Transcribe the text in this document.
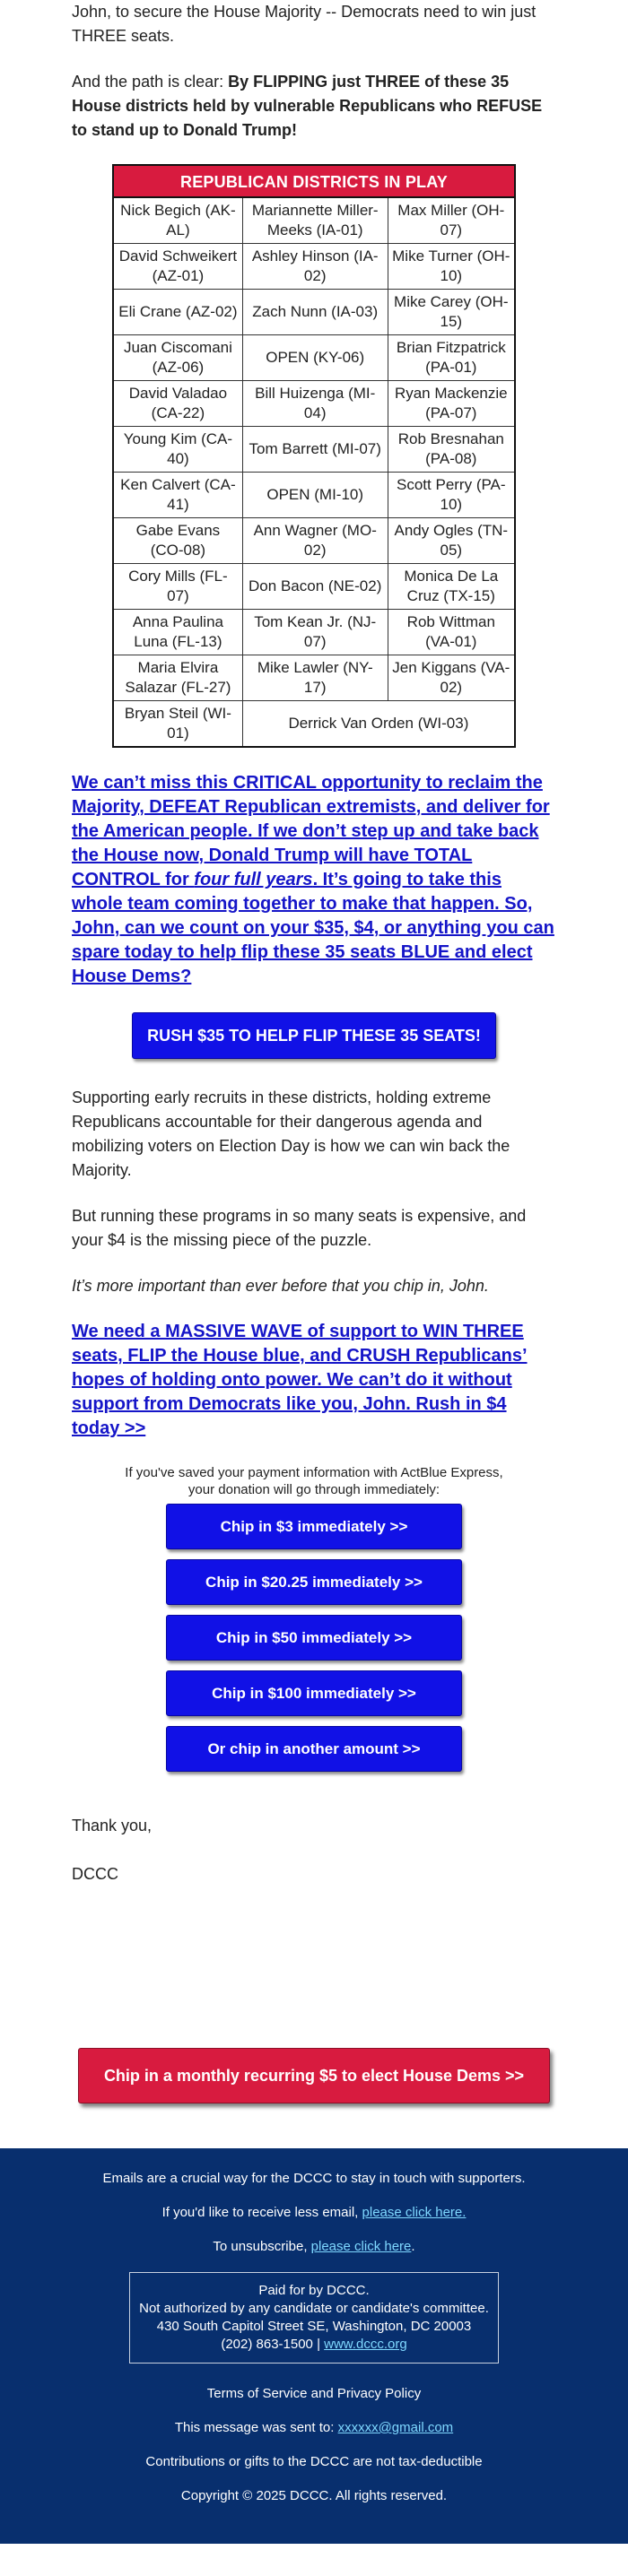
John, to secure the House Majority -- Democrats need to win just THREE seats.

And the path is clear: By FLIPPING just THREE of these 35 House districts held by vulnerable Republicans who REFUSE to stand up to Donald Trump!

REPUBLICAN DISTRICTS IN PLAY		
Nick Begich (AK-AL)	Mariannette Miller-Meeks (IA-01)	Max Miller (OH-07)
David Schweikert (AZ-01)	Ashley Hinson (IA-02)	Mike Turner (OH-10)
Eli Crane (AZ-02)	Zach Nunn (IA-03)	Mike Carey (OH-15)
Juan Ciscomani (AZ-06)	OPEN (KY-06)	Brian Fitzpatrick (PA-01)
David Valadao (CA-22)	Bill Huizenga (MI-04)	Ryan Mackenzie (PA-07)
Young Kim (CA-40)	Tom Barrett (MI-07)	Rob Bresnahan (PA-08)
Ken Calvert (CA-41)	OPEN (MI-10)	Scott Perry (PA-10)
Gabe Evans (CO-08)	Ann Wagner (MO-02)	Andy Ogles (TN-05)
Cory Mills (FL-07)	Don Bacon (NE-02)	Monica De La Cruz (TX-15)
Anna Paulina Luna (FL-13)	Tom Kean Jr. (NJ-07)	Rob Wittman (VA-01)
Maria Elvira Salazar (FL-27)	Mike Lawler (NY-17)	Jen Kiggans (VA-02)
Bryan Steil (WI-01)	Derrick Van Orden (WI-03)	

We can’t miss this CRITICAL opportunity to reclaim the Majority, DEFEAT Republican extremists, and deliver for the American people. If we don’t step up and take back the House now, Donald Trump will have TOTAL CONTROL for four full years. It’s going to take this whole team coming together to make that happen. So, John, can we count on your $35, $4, or anything you can spare today to help flip these 35 seats BLUE and elect House Dems?

RUSH $35 TO HELP FLIP THESE 35 SEATS!

Supporting early recruits in these districts, holding extreme Republicans accountable for their dangerous agenda and mobilizing voters on Election Day is how we can win back the Majority.

But running these programs in so many seats is expensive, and your $4 is the missing piece of the puzzle.

It’s more important than ever before that you chip in, John.

We need a MASSIVE WAVE of support to WIN THREE seats, FLIP the House blue, and CRUSH Republicans’ hopes of holding onto power. We can’t do it without support from Democrats like you, John. Rush in $4 today >>

If you've saved your payment information with ActBlue Express,
your donation will go through immediately:
Chip in $3 immediately >>
Chip in $20.25 immediately >>
Chip in $50 immediately >>
Chip in $100 immediately >>
Or chip in another amount >>

Thank you,

DCCC

Chip in a monthly recurring $5 to elect House Dems >>

Emails are a crucial way for the DCCC to stay in touch with supporters.

If you'd like to receive less email, please click here.

To unsubscribe, please click here.

Paid for by DCCC.
Not authorized by any candidate or candidate's committee.
430 South Capitol Street SE, Washington, DC 20003
(202) 863-1500 | www.dccc.org

Terms of Service and Privacy Policy

This message was sent to: xxxxxx@gmail.com

Contributions or gifts to the DCCC are not tax-deductible

Copyright © 2025 DCCC. All rights reserved.
